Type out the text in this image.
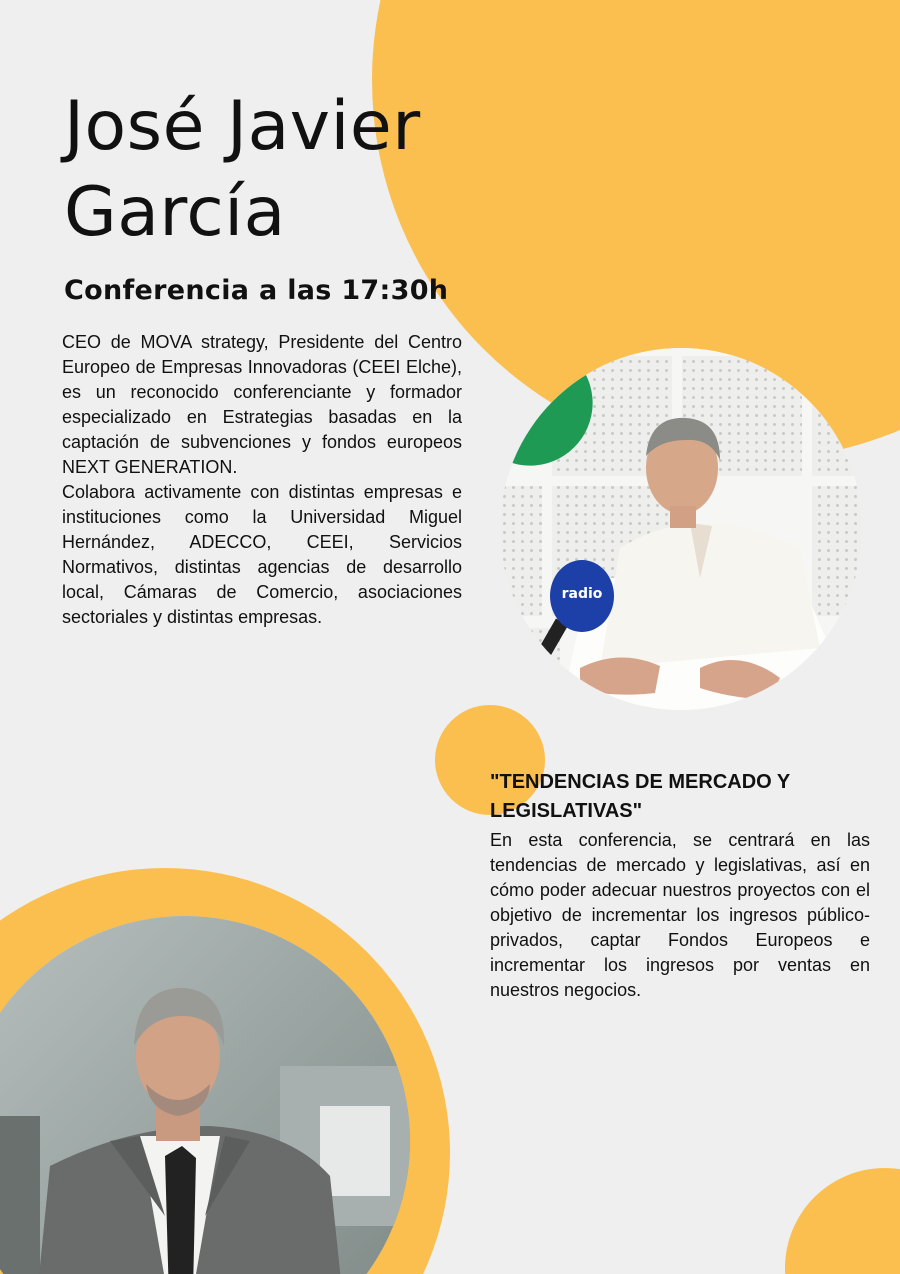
José Javier
García
Conferencia a las 17:30h

CEO de MOVA strategy, Presidente del Centro Europeo de Empresas Innovadoras (CEEI Elche), es un reconocido conferenciante y formador especializado en Estrategias basadas en la captación de subvenciones y fondos europeos NEXT GENERATION.

Colabora activamente con distintas empresas e instituciones como la Universidad Miguel Hernández, ADECCO, CEEI, Servicios Normativos, distintas agencias de desarrollo local, Cámaras de Comercio, asociaciones sectoriales y distintas empresas.

radio
"TENDENCIAS DE MERCADO Y LEGISLATIVAS"

En esta conferencia, se centrará en las tendencias de mercado y legislativas, así en cómo poder adecuar nuestros proyectos con el objetivo de incrementar los ingresos público-privados, captar Fondos Europeos e incrementar los ingresos por ventas en nuestros negocios.
